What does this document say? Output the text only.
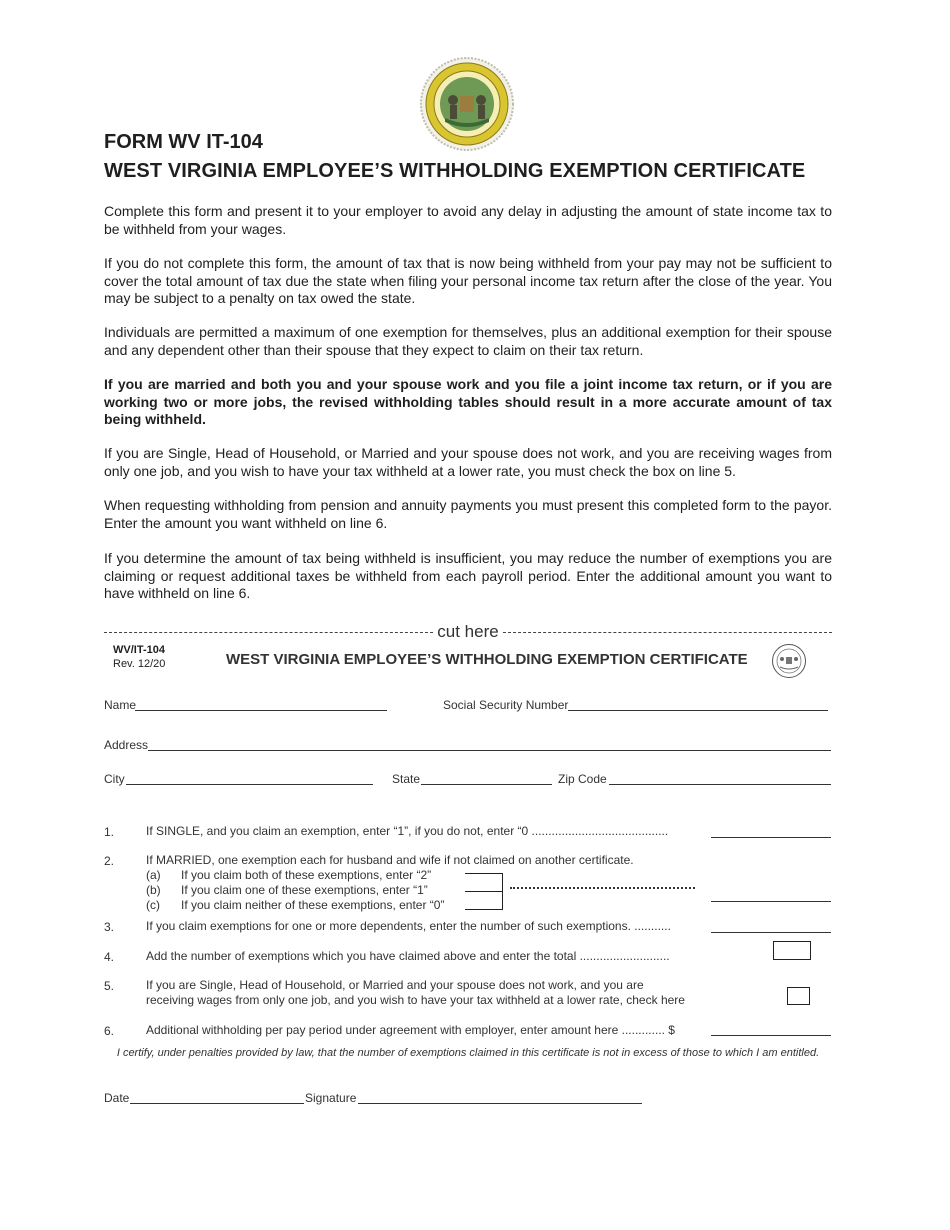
FORM WV IT-104
WEST VIRGINIA EMPLOYEE’S WITHHOLDING EXEMPTION CERTIFICATE

Complete this form and present it to your employer to avoid any delay in adjusting the amount of state income tax to be withheld from your wages.

If you do not complete this form, the amount of tax that is now being withheld from your pay may not be sufficient to cover the total amount of tax due the state when filing your personal income tax return after the close of the year. You may be subject to a penalty on tax owed the state.

Individuals are permitted a maximum of one exemption for themselves, plus an additional exemption for their spouse and any dependent other than their spouse that they expect to claim on their tax return.

If you are married and both you and your spouse work and you file a joint income tax return, or if you are working two or more jobs, the revised withholding tables should result in a more accurate amount of tax being withheld.

If you are Single, Head of Household, or Married and your spouse does not work, and you are receiving wages from only one job, and you wish to have your tax withheld at a lower rate, you must check the box on line 5.

When requesting withholding from pension and annuity payments you must present this completed form to the payor. Enter the amount you want withheld on line 6.

If you determine the amount of tax being withheld is insufficient, you may reduce the number of exemptions you are claiming or request additional taxes be withheld from each payroll period. Enter the additional amount you want to have withheld on line 6.

cut here
WV/IT-104
Rev. 12/20	WEST VIRGINIA EMPLOYEE’S WITHHOLDING EXEMPTION CERTIFICATE
Name	Social Security Number
Address
City	State	Zip Code
1.	If SINGLE, and you claim an exemption, enter “1”, if you do not, enter “0 .........................................
2.	If MARRIED, one exemption each for husband and wife if not claimed on another certificate.
(a)	If you claim both of these exemptions, enter “2”
(b)	If you claim one of these exemptions, enter “1”
(c)	If you claim neither of these exemptions, enter “0”
3.	If you claim exemptions for one or more dependents, enter the number of such exemptions. ...........
4.	Add the number of exemptions which you have claimed above and enter the total ...........................
5.	If you are Single, Head of Household, or Married and your spouse does not work, and you are
receiving wages from only one job, and you wish to have your tax withheld at a lower rate, check here
6.	Additional withholding per pay period under agreement with employer, enter amount here ............. $
I certify, under penalties provided by law, that the number of exemptions claimed in this certificate is not in excess of those to which I am entitled.
Date	Signature
